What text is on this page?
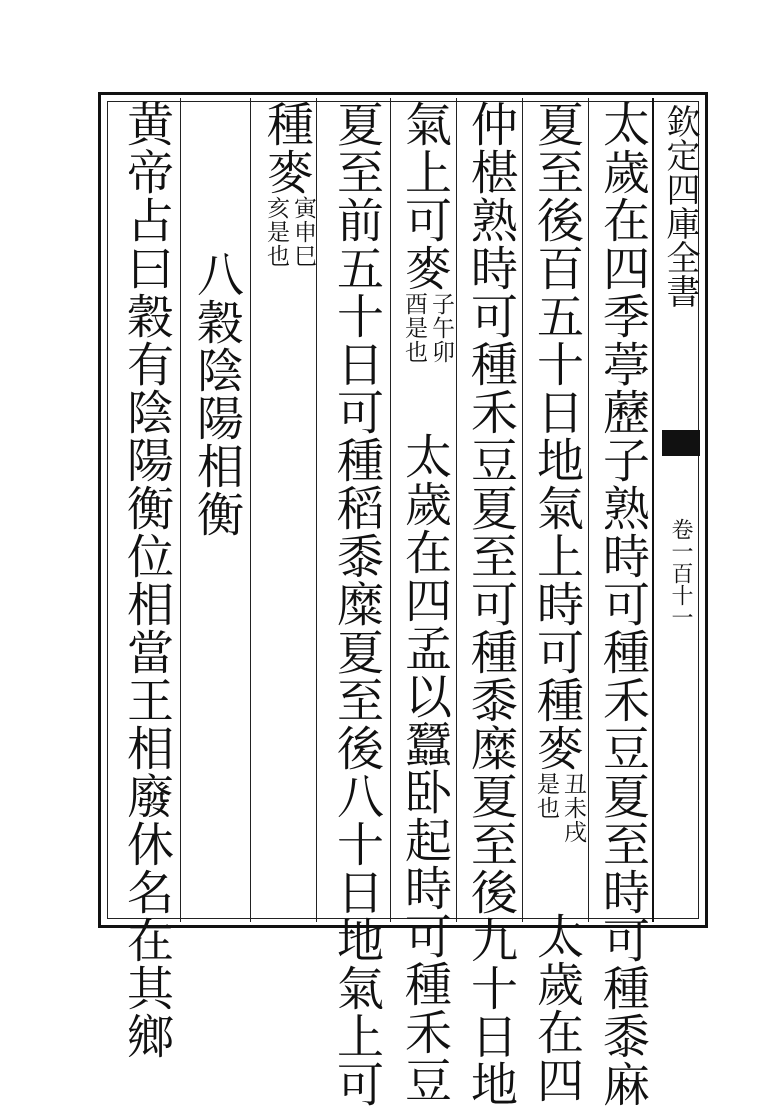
欽定四庫全書
卷一百十一
太歲在四季葶藶子熟時可種禾豆夏至時可種黍麻
夏至後百五十日地氣上時可種麥
丑未戌
是也
太歲在四
仲椹熟時可種禾豆夏至可種黍糜夏至後九十日地
氣上可麥
子午卯
酉是也
太歲在四孟以蠶卧起時可種禾豆
夏至前五十日可種稻黍糜夏至後八十日地氣上可
種麥
寅申巳
亥是也
八穀陰陽相衡
黄帝占曰穀有陰陽衡位相當王相廢休名在其鄉
